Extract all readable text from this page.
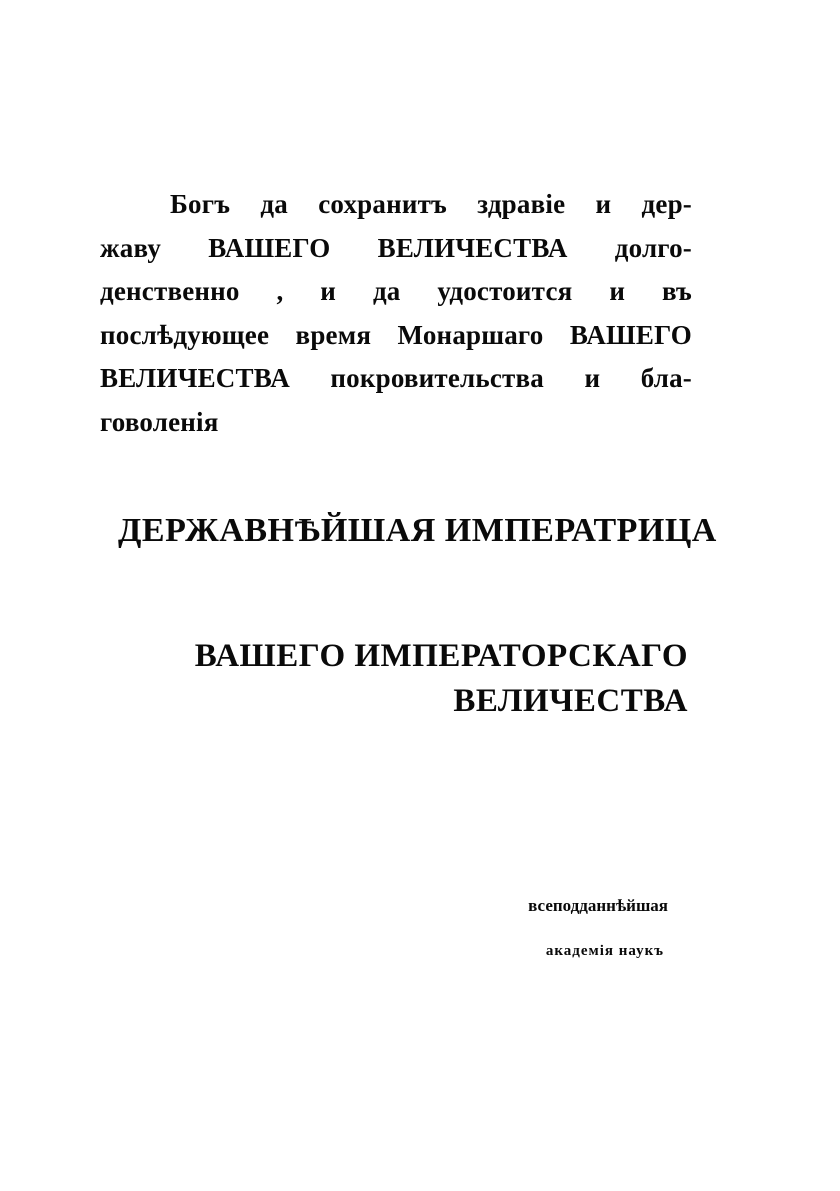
Богъ да сохранитъ здравіе и дер-
жаву ВАШЕГО ВЕЛИЧЕСТВА долго-
денственно , и да удостоится и въ
послѣдующее время Монаршаго ВАШЕГО
ВЕЛИЧЕСТВА покровительства и бла-
говоленія
ДЕРЖАВНѢЙШАЯ ИМПЕРАТРИЦА
ВАШЕГО ИМПЕРАТОРСКАГО
ВЕЛИЧЕСТВА
всеподданнѣйшая
академія наукъ
